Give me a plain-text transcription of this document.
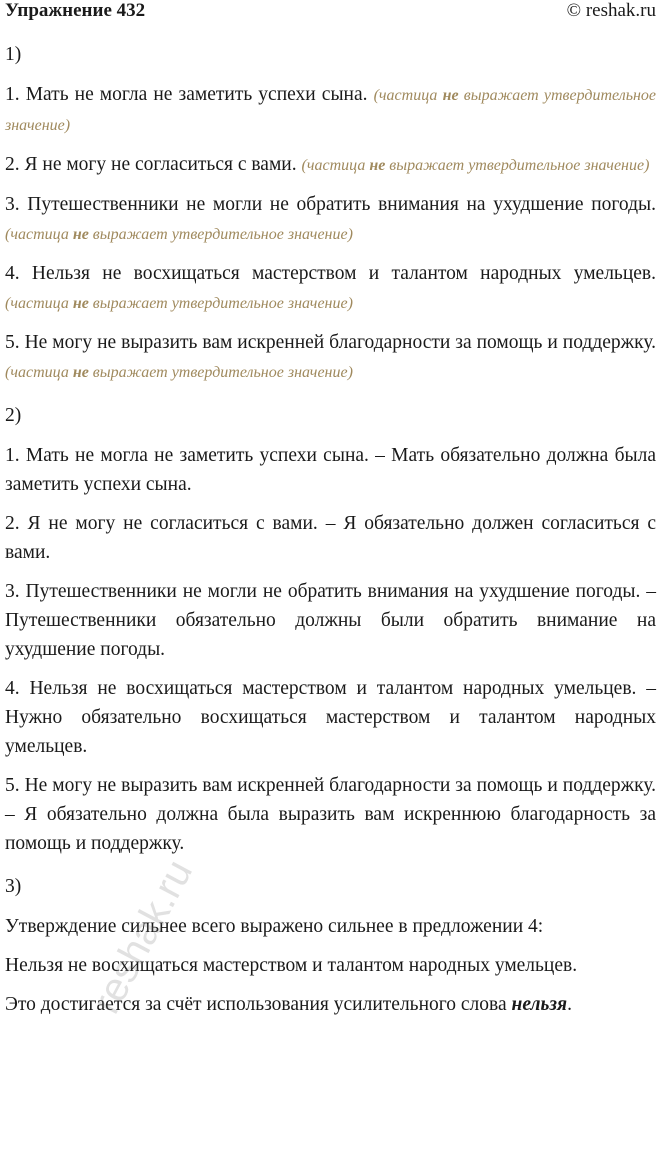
Упражнение 432	© reshak.ru
1)

1. Мать не могла не заметить успехи сына. (частица не выражает утвердительное значение)

2. Я не могу не согласиться с вами. (частица не выражает утвердительное значение)

3. Путешественники не могли не обратить внимания на ухудшение погоды. (частица не выражает утвердительное значение)

4. Нельзя не восхищаться мастерством и талантом народных умельцев. (частица не выражает утвердительное значение)

5. Не могу не выразить вам искренней благодарности за помощь и поддержку. (частица не выражает утвердительное значение)

2)

1. Мать не могла не заметить успехи сына. – Мать обязательно должна была заметить успехи сына.

2. Я не могу не согласиться с вами. – Я обязательно должен согласиться с вами.

3. Путешественники не могли не обратить внимания на ухудшение погоды. – Путешественники обязательно должны были обратить внимание на ухудшение погоды.

4. Нельзя не восхищаться мастерством и талантом народных умельцев. – Нужно обязательно восхищаться мастерством и талантом народных умельцев.

5. Не могу не выразить вам искренней благодарности за помощь и поддержку. – Я обязательно должна была выразить вам искреннюю благодарность за помощь и поддержку.

3)

Утверждение сильнее всего выражено сильнее в предложении 4:

Нельзя не восхищаться мастерством и талантом народных умельцев.

Это достигается за счёт использования усилительного слова нельзя.

reshak.ru
